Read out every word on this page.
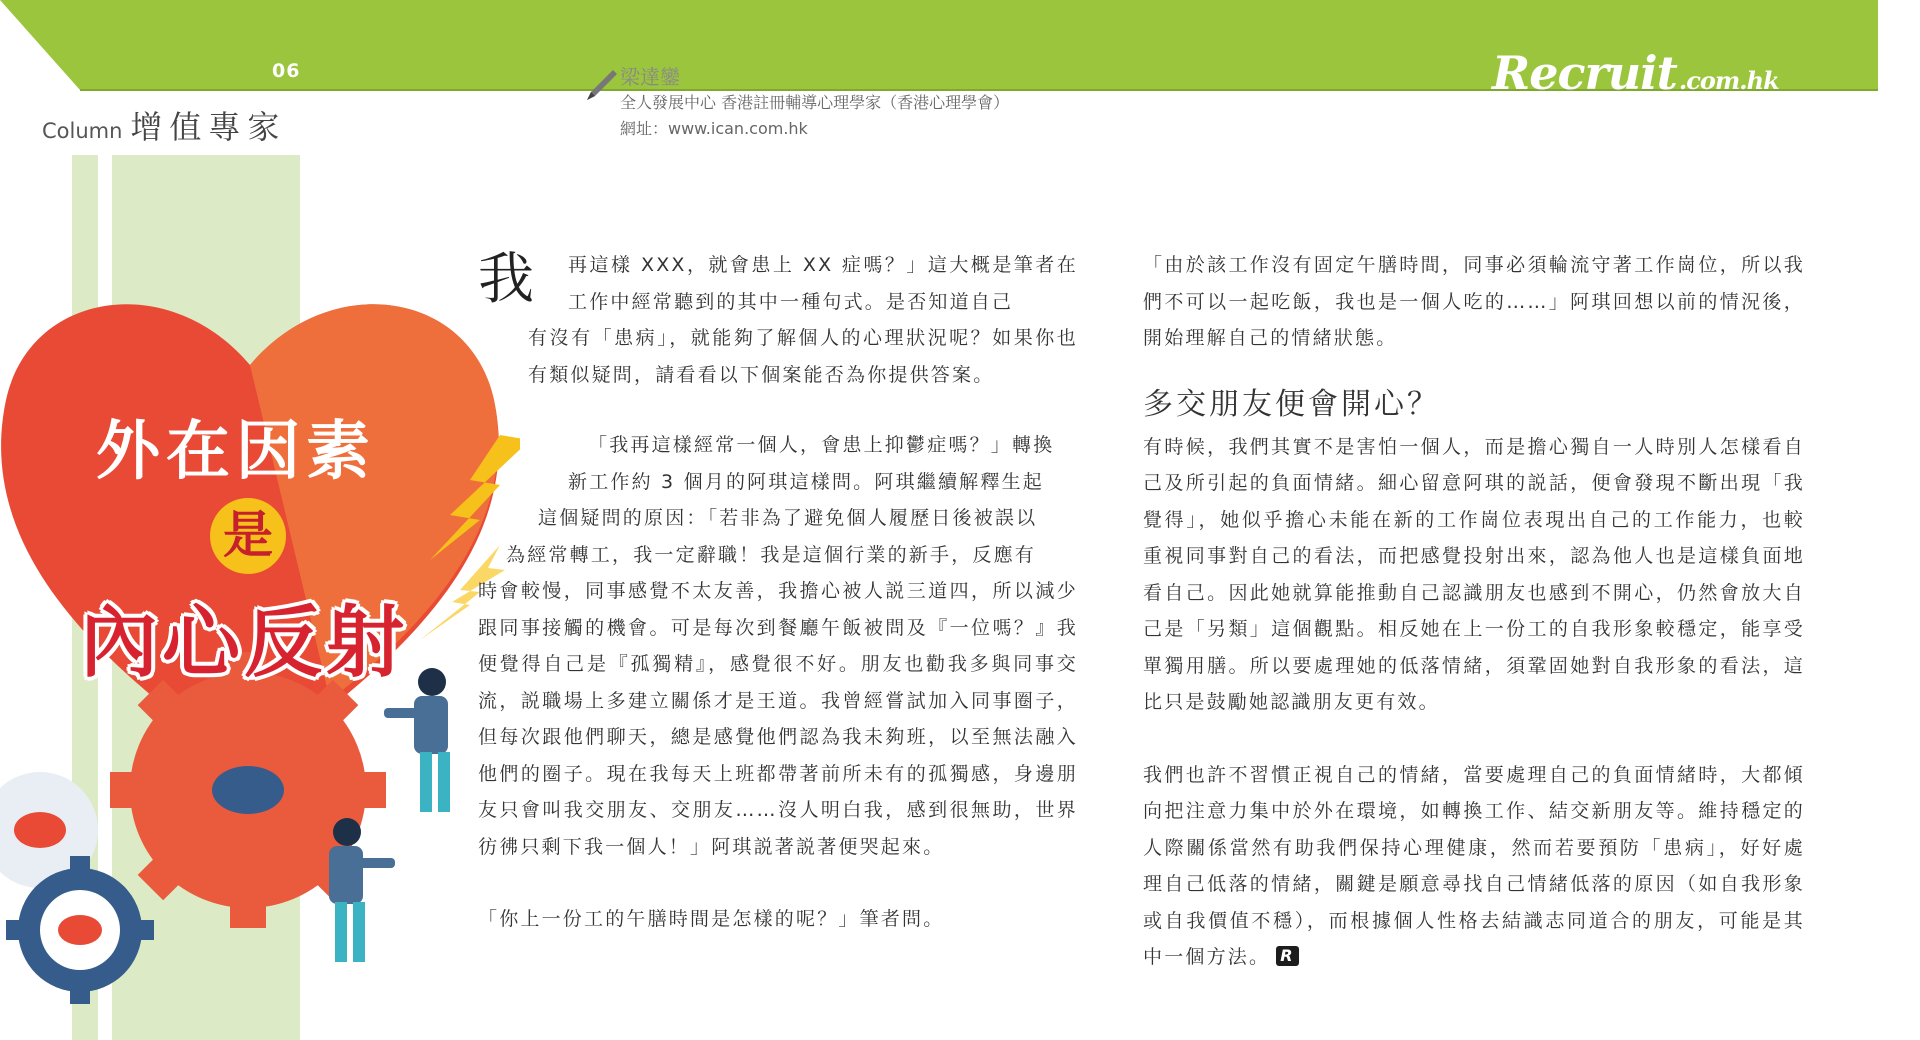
06	Recruit.com.hk
Column 增值專家
梁達鑾
全人發展中心 香港註冊輔導心理學家（香港心理學會）
網址：www.ican.com.hk
外在因素
是
內心反射
我	再這樣 XXX，就會患上 XX 症嗎？」這大概是筆者在工作中經常聽到的其中一種句式。是否知道自己
有沒有「患病」，就能夠了解個人的心理狀況呢？如果你也有類似疑問，請看看以下個案能否為你提供答案。

「我再這樣經常一個人，會患上抑鬱症嗎？」轉換

新工作約 3 個月的阿琪這樣問。阿琪繼續解釋生起

這個疑問的原因：「若非為了避免個人履歷日後被誤以

為經常轉工，我一定辭職！我是這個行業的新手，反應有

時會較慢，同事感覺不太友善，我擔心被人説三道四，所以減少跟同事接觸的機會。可是每次到餐廳午飯被問及『一位嗎？』我便覺得自己是『孤獨精』，感覺很不好。朋友也勸我多與同事交流，説職場上多建立關係才是王道。我曾經嘗試加入同事圈子，但每次跟他們聊天，總是感覺他們認為我未夠班，以至無法融入他們的圈子。現在我每天上班都帶著前所未有的孤獨感，身邊朋友只會叫我交朋友、交朋友……沒人明白我，感到很無助，世界彷彿只剩下我一個人！」阿琪説著説著便哭起來。

「你上一份工的午膳時間是怎樣的呢？」筆者問。

「由於該工作沒有固定午膳時間，同事必須輪流守著工作崗位，所以我們不可以一起吃飯，我也是一個人吃的……」阿琪回想以前的情況後，開始理解自己的情緒狀態。

多交朋友便會開心？

有時候，我們其實不是害怕一個人，而是擔心獨自一人時別人怎樣看自己及所引起的負面情緒。細心留意阿琪的説話，便會發現不斷出現「我覺得」，她似乎擔心未能在新的工作崗位表現出自己的工作能力，也較重視同事對自己的看法，而把感覺投射出來，認為他人也是這樣負面地看自己。因此她就算能推動自己認識朋友也感到不開心，仍然會放大自己是「另類」這個觀點。相反她在上一份工的自我形象較穩定，能享受單獨用膳。所以要處理她的低落情緒，須鞏固她對自我形象的看法，這比只是鼓勵她認識朋友更有效。

我們也許不習慣正視自己的情緒，當要處理自己的負面情緒時，大都傾向把注意力集中於外在環境，如轉換工作、結交新朋友等。維持穩定的人際關係當然有助我們保持心理健康，然而若要預防「患病」，好好處理自己低落的情緒，關鍵是願意尋找自己情緒低落的原因（如自我形象或自我價值不穩），而根據個人性格去結識志同道合的朋友，可能是其中一個方法。 R
